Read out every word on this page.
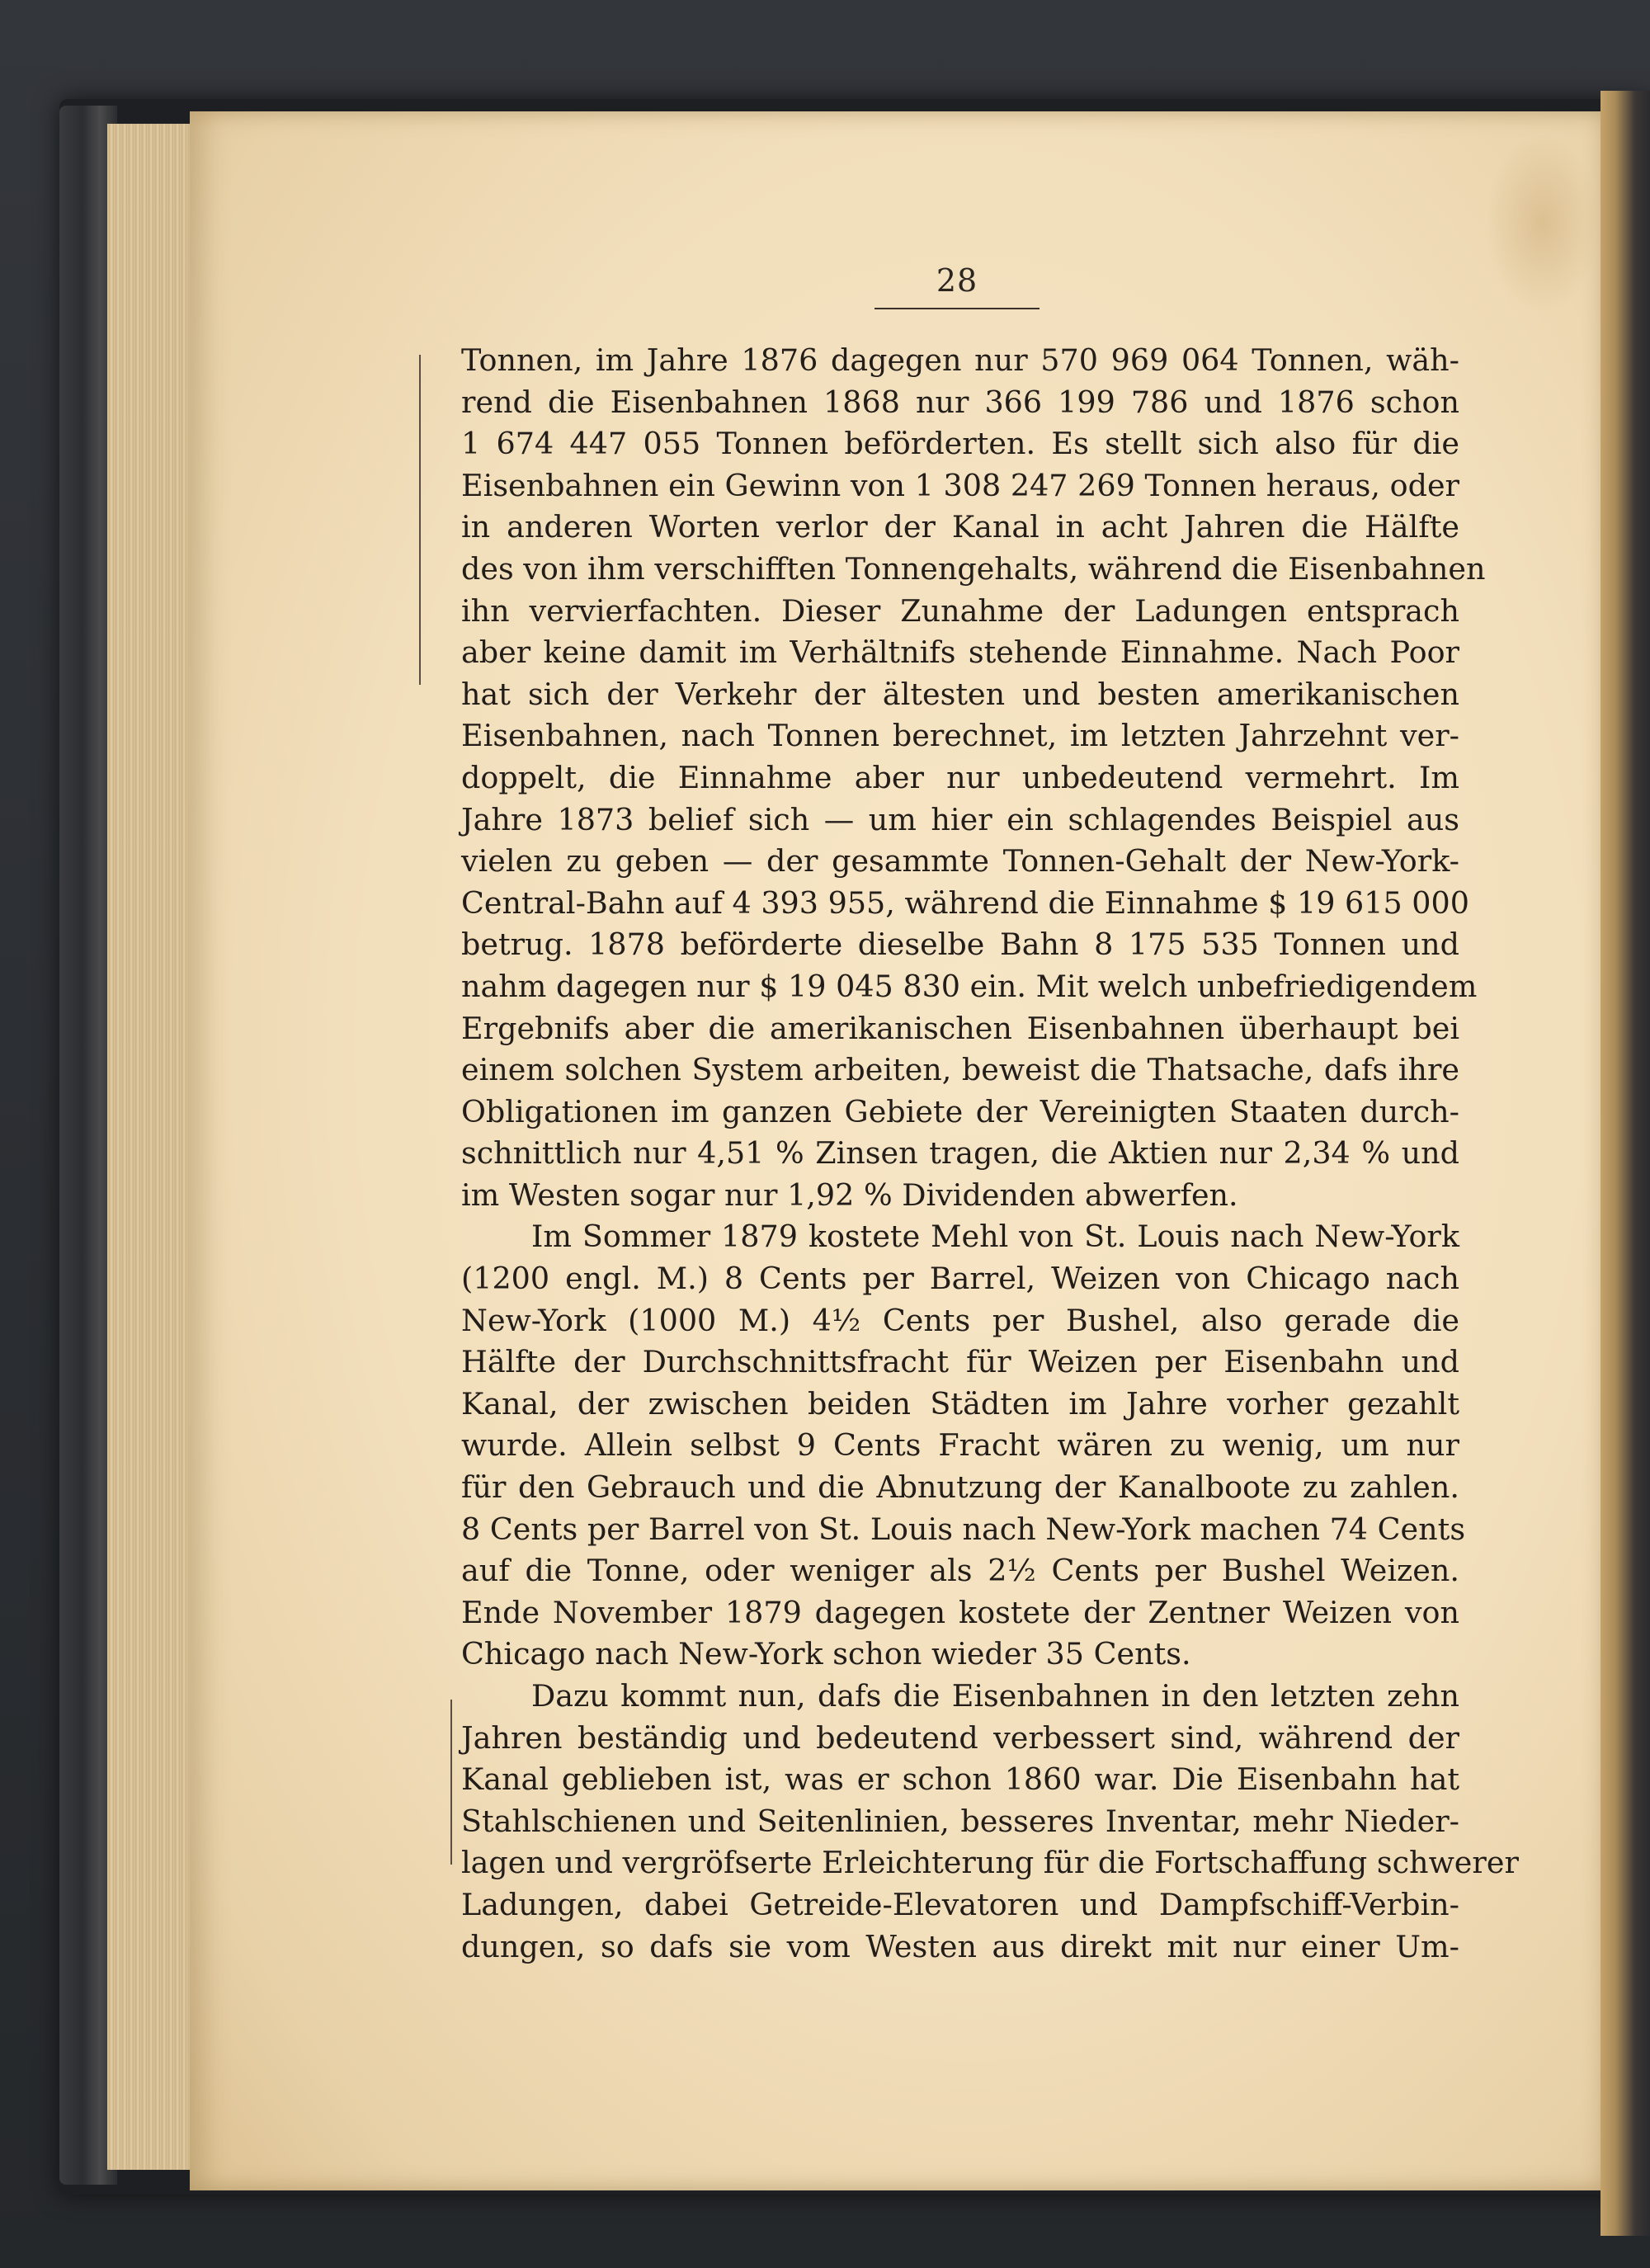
28
Tonnen, im Jahre 1876 dagegen nur 570 969 064 Tonnen, wäh-
rend die Eisenbahnen 1868 nur 366 199 786 und 1876 schon
1 674 447 055 Tonnen beförderten. Es stellt sich also für die
Eisenbahnen ein Gewinn von 1 308 247 269 Tonnen heraus, oder
in anderen Worten verlor der Kanal in acht Jahren die Hälfte
des von ihm verschifften Tonnengehalts, während die Eisenbahnen
ihn vervierfachten. Dieser Zunahme der Ladungen entsprach
aber keine damit im Verhältnifs stehende Einnahme. Nach Poor
hat sich der Verkehr der ältesten und besten amerikanischen
Eisenbahnen, nach Tonnen berechnet, im letzten Jahrzehnt ver-
doppelt, die Einnahme aber nur unbedeutend vermehrt. Im
Jahre 1873 belief sich — um hier ein schlagendes Beispiel aus
vielen zu geben — der gesammte Tonnen-Gehalt der New-York-
Central-Bahn auf 4 393 955, während die Einnahme $ 19 615 000
betrug. 1878 beförderte dieselbe Bahn 8 175 535 Tonnen und
nahm dagegen nur $ 19 045 830 ein. Mit welch unbefriedigendem
Ergebnifs aber die amerikanischen Eisenbahnen überhaupt bei
einem solchen System arbeiten, beweist die Thatsache, dafs ihre
Obligationen im ganzen Gebiete der Vereinigten Staaten durch-
schnittlich nur 4,51 % Zinsen tragen, die Aktien nur 2,34 % und
im Westen sogar nur 1,92 % Dividenden abwerfen.
Im Sommer 1879 kostete Mehl von St. Louis nach New-York
(1200 engl. M.) 8 Cents per Barrel, Weizen von Chicago nach
New-York (1000 M.) 4½ Cents per Bushel, also gerade die
Hälfte der Durchschnittsfracht für Weizen per Eisenbahn und
Kanal, der zwischen beiden Städten im Jahre vorher gezahlt
wurde. Allein selbst 9 Cents Fracht wären zu wenig, um nur
für den Gebrauch und die Abnutzung der Kanalboote zu zahlen.
8 Cents per Barrel von St. Louis nach New-York machen 74 Cents
auf die Tonne, oder weniger als 2½ Cents per Bushel Weizen.
Ende November 1879 dagegen kostete der Zentner Weizen von
Chicago nach New-York schon wieder 35 Cents.
Dazu kommt nun, dafs die Eisenbahnen in den letzten zehn
Jahren beständig und bedeutend verbessert sind, während der
Kanal geblieben ist, was er schon 1860 war. Die Eisenbahn hat
Stahlschienen und Seitenlinien, besseres Inventar, mehr Nieder-
lagen und vergröfserte Erleichterung für die Fortschaffung schwerer
Ladungen, dabei Getreide-Elevatoren und Dampfschiff-Verbin-
dungen, so dafs sie vom Westen aus direkt mit nur einer Um-
